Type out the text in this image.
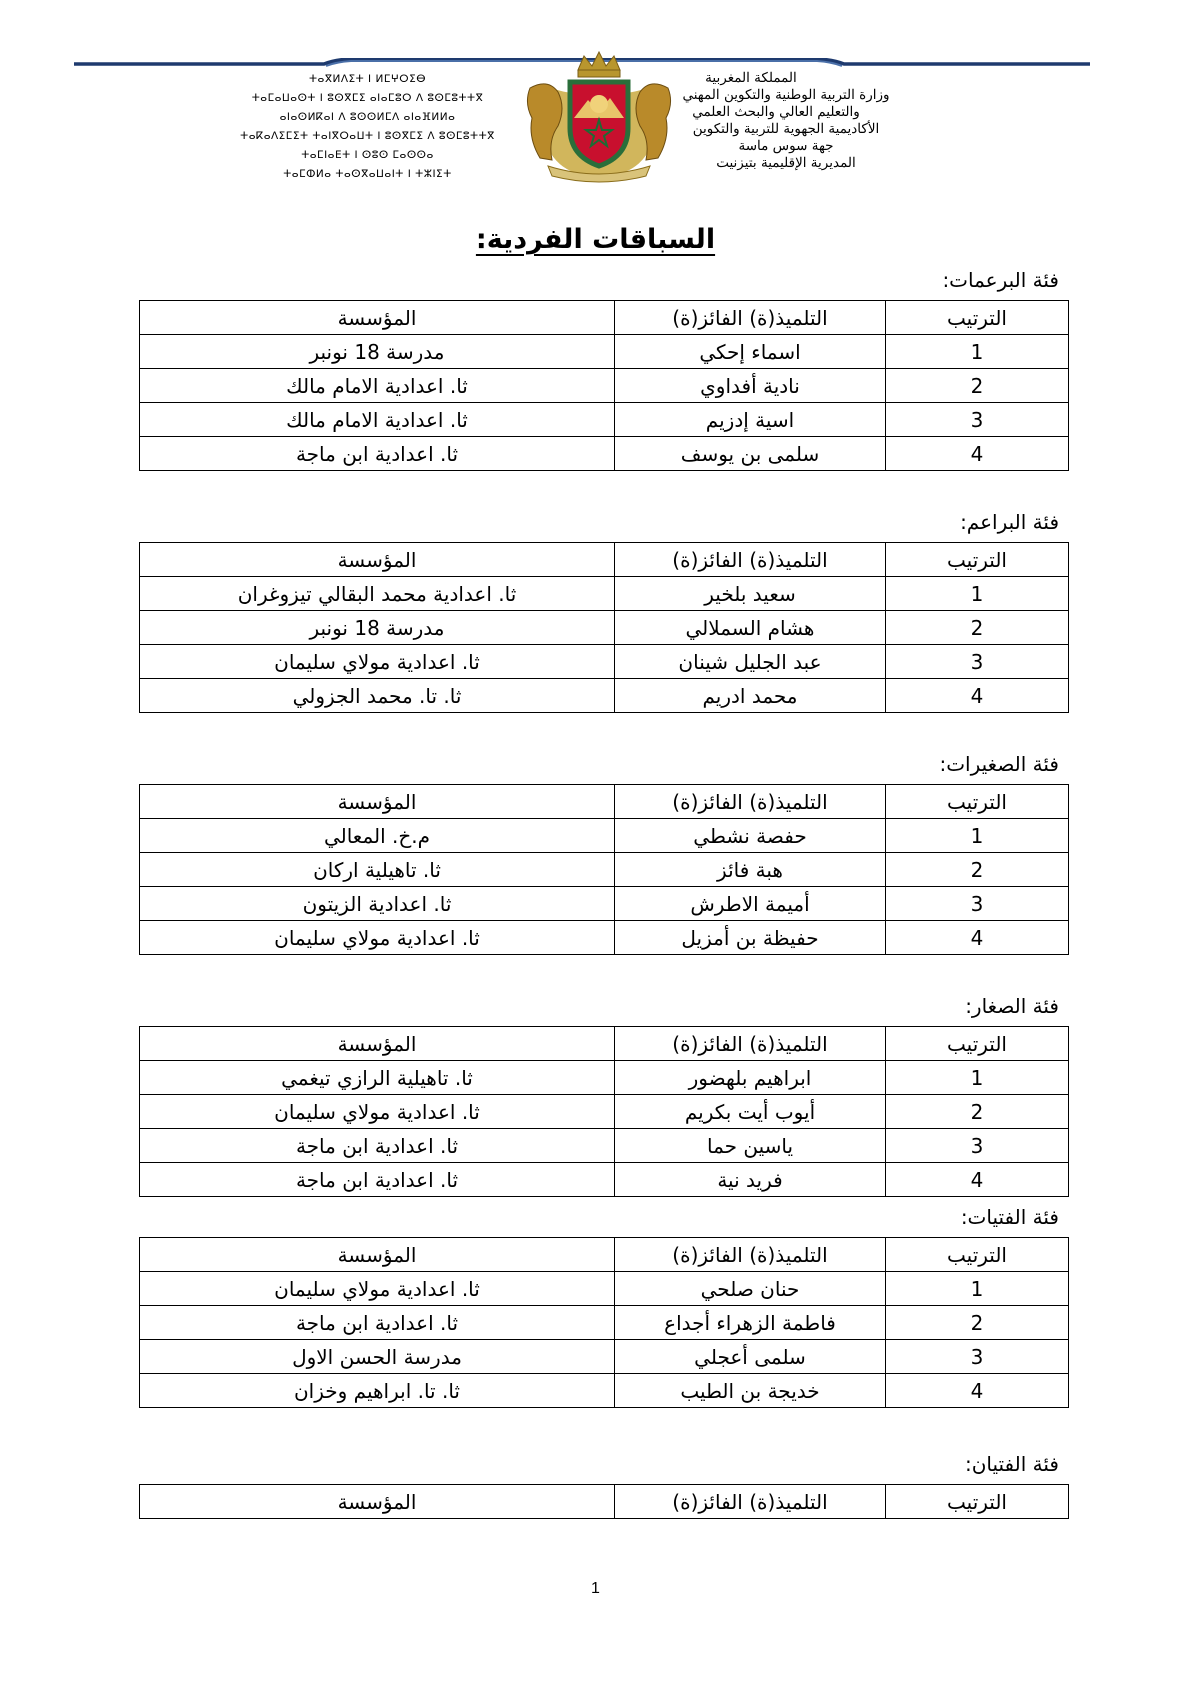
ⵜⴰⴳⵍⴷⵉⵜ ⵏ ⵍⵎⵖⵔⵉⴱ
ⵜⴰⵎⴰⵡⴰⵙⵜ ⵏ ⵓⵙⴳⵎⵉ ⴰⵏⴰⵎⵓⵔ ⴷ ⵓⵙⵎⵓⵜⵜⴳ
ⴰⵏⴰⵙⵍⴽⴰⵏ ⴷ ⵓⵙⵙⵍⵎⴷ ⴰⵏⴰⴼⵍⵍⴰ
ⵜⴰⴽⴰⴷⵉⵎⵉⵜ ⵜⴰⵏⴳⵔⴰⵡⵜ ⵏ ⵓⵙⴳⵎⵉ ⴷ ⵓⵙⵎⵓⵜⵜⴳ
ⵜⴰⵎⵏⴰⴹⵜ ⵏ ⵙⵓⵙ ⵎⴰⵙⵙⴰ
ⵜⴰⵎⵀⵍⴰ ⵜⴰⵙⴳⴰⵡⴰⵏⵜ ⵏ ⵜⵣⵏⵉⵜ
المملكة المغربية
وزارة التربية الوطنية والتكوين المهني
والتعليم العالي والبحث العلمي
الأكاديمية الجهوية للتربية والتكوين
جهة سوس ماسة
المديرية الإقليمية بتيزنيت
السباقات الفردية:
فئة البرعمات:
الترتيب	التلميذ(ة) الفائز(ة)	المؤسسة
1	اسماء إحكي	مدرسة 18 نونبر
2	نادية أفداوي	ثا. اعدادية الامام مالك
3	اسية إدزيم	ثا. اعدادية الامام مالك
4	سلمى بن يوسف	ثا. اعدادية ابن ماجة
فئة البراعم:
الترتيب	التلميذ(ة) الفائز(ة)	المؤسسة
1	سعيد بلخير	ثا. اعدادية محمد البقالي تيزوغران
2	هشام السملالي	مدرسة 18 نونبر
3	عبد الجليل شينان	ثا. اعدادية مولاي سليمان
4	محمد ادريم	ثا. تا. محمد الجزولي
فئة الصغيرات:
الترتيب	التلميذ(ة) الفائز(ة)	المؤسسة
1	حفصة نشطي	م.خ. المعالي
2	هبة فائز	ثا. تاهيلية اركان
3	أميمة الاطرش	ثا. اعدادية الزيتون
4	حفيظة بن أمزيل	ثا. اعدادية مولاي سليمان
فئة الصغار:
الترتيب	التلميذ(ة) الفائز(ة)	المؤسسة
1	ابراهيم بلهضور	ثا. تاهيلية الرازي تيغمي
2	أيوب أيت بكريم	ثا. اعدادية مولاي سليمان
3	ياسين حما	ثا. اعدادية ابن ماجة
4	فريد نية	ثا. اعدادية ابن ماجة
فئة الفتيات:
الترتيب	التلميذ(ة) الفائز(ة)	المؤسسة
1	حنان صلحي	ثا. اعدادية مولاي سليمان
2	فاطمة الزهراء أجداع	ثا. اعدادية ابن ماجة
3	سلمى أعجلي	مدرسة الحسن الاول
4	خديجة بن الطيب	ثا. تا. ابراهيم وخزان
فئة الفتيان:
الترتيب	التلميذ(ة) الفائز(ة)	المؤسسة
1
